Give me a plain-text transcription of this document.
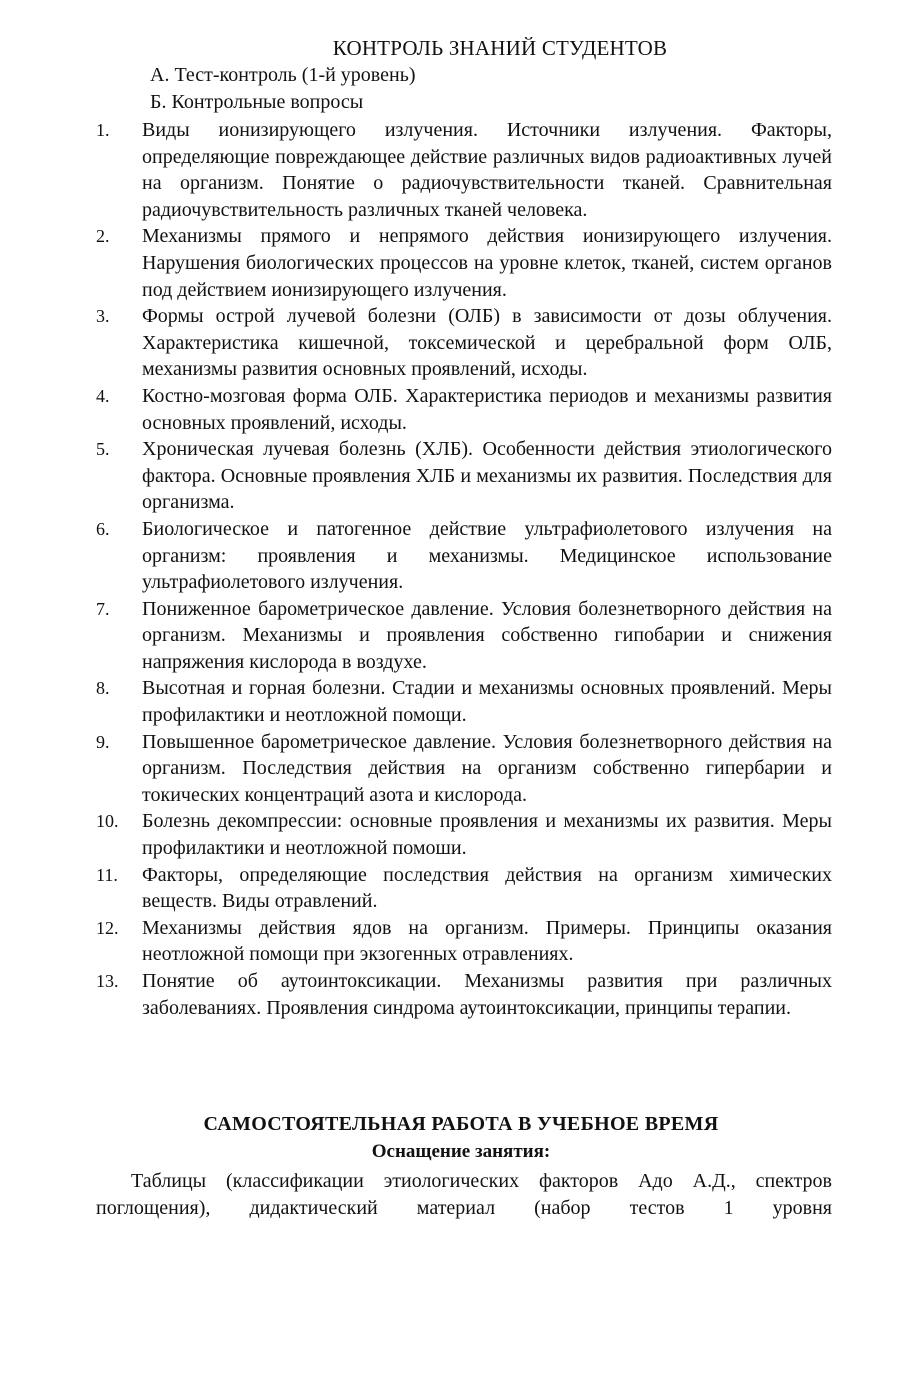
КОНТРОЛЬ ЗНАНИЙ СТУДЕНТОВ
А. Тест-контроль (1-й уровень)
Б. Контрольные вопросы
1. Виды ионизирующего излучения. Источники излучения. Факторы, определяющие повреждающее действие различных видов радиоактивных лучей на организм. Понятие о радиочувствительности тканей. Сравнительная радиочувствительность различных тканей человека.
2. Механизмы прямого и непрямого действия ионизирующего излучения. Нарушения биологических процессов на уровне клеток, тканей, систем органов под действием ионизирующего излучения.
3. Формы острой лучевой болезни (ОЛБ) в зависимости от дозы облучения. Характеристика кишечной, токсемической и церебральной форм ОЛБ, механизмы развития основных проявлений, исходы.
4. Костно-мозговая форма ОЛБ. Характеристика периодов и механизмы развития основных проявлений, исходы.
5. Хроническая лучевая болезнь (ХЛБ). Особенности действия этиологического фактора. Основные проявления ХЛБ и механизмы их развития. Последствия для организма.
6. Биологическое и патогенное действие ультрафиолетового излучения на организм: проявления и механизмы. Медицинское использование ультрафиолетового излучения.
7. Пониженное барометрическое давление. Условия болезнетворного действия на организм. Механизмы и проявления собственно гипобарии и снижения напряжения кислорода в воздухе.
8. Высотная и горная болезни. Стадии и механизмы основных проявлений. Меры профилактики и неотложной помощи.
9. Повышенное барометрическое давление. Условия болезнетворного действия на организм. Последствия действия на организм собственно гипербарии и токических концентраций азота и кислорода.
10. Болезнь декомпрессии: основные проявления и механизмы их развития. Меры профилактики и неотложной помоши.
11. Факторы, определяющие последствия действия на организм химических веществ. Виды отравлений.
12. Механизмы действия ядов на организм. Примеры. Принципы оказания неотложной помощи при экзогенных отравлениях.
13. Понятие об аутоинтоксикации. Механизмы развития при различных заболеваниях. Проявления синдрома аутоинтоксикации, принципы терапии.
САМОСТОЯТЕЛЬНАЯ РАБОТА В УЧЕБНОЕ ВРЕМЯ
Оснащение занятия:

Таблицы (классификации этиологических факторов Адо А.Д., спектров поглощения), дидактический материал (набор тестов 1 уровня
